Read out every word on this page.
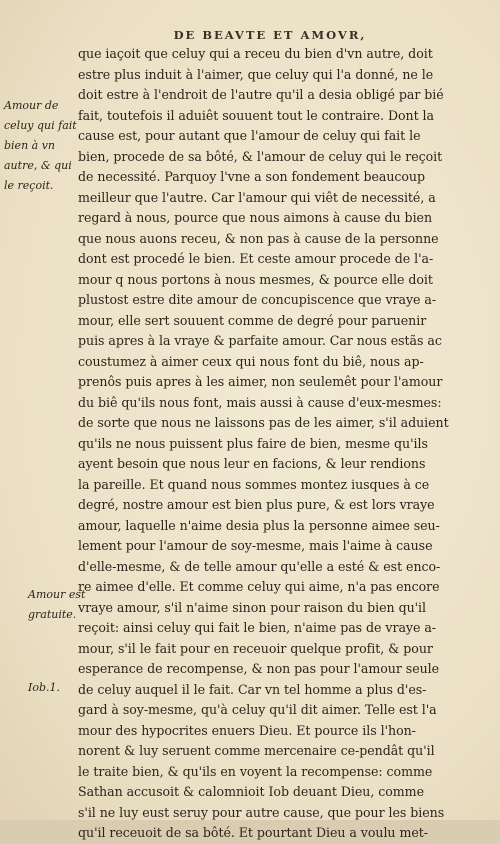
DE BEAVTE ET AMOVR,
Amour de
celuy qui fait
bien à vn
autre, & qui
le reçoit.
Amour est
gratuite.
Iob.1.
que iaçoit que celuy qui a receu du bien d'vn autre, doit
estre plus induit à l'aimer, que celuy qui l'a donné, ne le
doit estre à l'endroit de l'autre qu'il a desia obligé par bié
fait, toutefois il aduiêt souuent tout le contraire. Dont la
cause est, pour autant que l'amour de celuy qui fait le
bien, procede de sa bôté, & l'amour de celuy qui le reçoit
de necessité. Parquoy l'vne a son fondement beaucoup
meilleur que l'autre. Car l'amour qui viêt de necessité, a
regard à nous, pource que nous aimons à cause du bien
que nous auons receu, & non pas à cause de la personne
dont est procedé le bien. Et ceste amour procede de l'a-
mour q nous portons à nous mesmes, & pource elle doit
plustost estre dite amour de concupiscence que vraye a-
mour, elle sert souuent comme de degré pour paruenir
puis apres à la vraye & parfaite amour. Car nous estãs ac
coustumez à aimer ceux qui nous font du biê, nous ap-
prenôs puis apres à les aimer, non seulemêt pour l'amour
du biê qu'ils nous font, mais aussi à cause d'eux-mesmes:
de sorte que nous ne laissons pas de les aimer, s'il aduient
qu'ils ne nous puissent plus faire de bien, mesme qu'ils
ayent besoin que nous leur en facions, & leur rendions
la pareille. Et quand nous sommes montez iusques à ce
degré, nostre amour est bien plus pure, & est lors vraye
amour, laquelle n'aime desia plus la personne aimee seu-
lement pour l'amour de soy-mesme, mais l'aime à cause
d'elle-mesme, & de telle amour qu'elle a esté & est enco-
re aimee d'elle. Et comme celuy qui aime, n'a pas encore
vraye amour, s'il n'aime sinon pour raison du bien qu'il
reçoit: ainsi celuy qui fait le bien, n'aime pas de vraye a-
mour, s'il le fait pour en receuoir quelque profit, & pour
esperance de recompense, & non pas pour l'amour seule
de celuy auquel il le fait. Car vn tel homme a plus d'es-
gard à soy-mesme, qu'à celuy qu'il dit aimer. Telle est l'a
mour des hypocrites enuers Dieu. Et pource ils l'hon-
norent & luy seruent comme mercenaire ce-pendât qu'il
le traite bien, & qu'ils en voyent la recompense: comme
Sathan accusoit & calomnioit Iob deuant Dieu, comme
s'il ne luy eust seruy pour autre cause, que pour les biens
qu'il receuoit de sa bôté. Et pourtant Dieu a voulu met-
